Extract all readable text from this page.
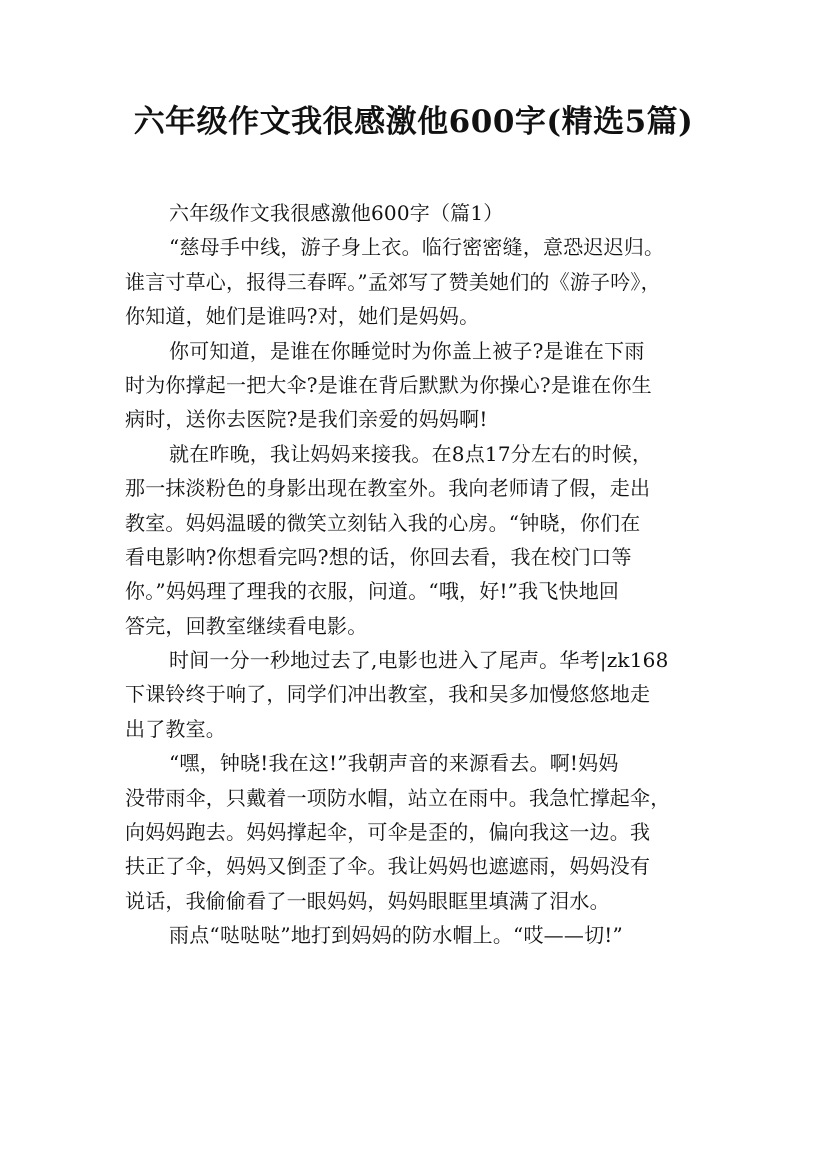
六年级作文我很感激他600字(精选5篇)
六年级作文我很感激他600字（篇1）
“慈母手中线，游子身上衣。临行密密缝，意恐迟迟归。
谁言寸草心，报得三春晖。”孟郊写了赞美她们的《游子吟》，
你知道，她们是谁吗?对，她们是妈妈。
你可知道，是谁在你睡觉时为你盖上被子?是谁在下雨
时为你撑起一把大伞?是谁在背后默默为你操心?是谁在你生
病时，送你去医院?是我们亲爱的妈妈啊!
就在昨晚，我让妈妈来接我。在8点17分左右的时候，
那一抹淡粉色的身影出现在教室外。我向老师请了假，走出
教室。妈妈温暖的微笑立刻钻入我的心房。“钟晓，你们在
看电影呐?你想看完吗?想的话，你回去看，我在校门口等
你。”妈妈理了理我的衣服，问道。“哦，好!”我飞快地回
答完，回教室继续看电影。
时间一分一秒地过去了,电影也进入了尾声。华考|zk168
下课铃终于响了，同学们冲出教室，我和吴多加慢悠悠地走
出了教室。
“嘿，钟晓!我在这!”我朝声音的来源看去。啊!妈妈
没带雨伞，只戴着一项防水帽，站立在雨中。我急忙撑起伞，
向妈妈跑去。妈妈撑起伞，可伞是歪的，偏向我这一边。我
扶正了伞，妈妈又倒歪了伞。我让妈妈也遮遮雨，妈妈没有
说话，我偷偷看了一眼妈妈，妈妈眼眶里填满了泪水。
雨点“哒哒哒”地打到妈妈的防水帽上。“哎——切!”
